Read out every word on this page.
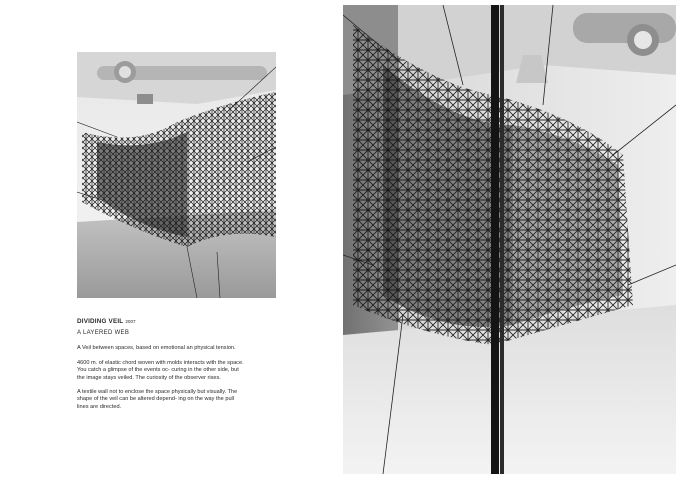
DIVIDING VEIL 2007

A LAYERED WEB

A Veil between spaces, based on emotional an physical tension.

4600 m. of elastic chord woven with molds interacts with the space. You catch a glimpse of the events oc- curing in the other side, but the image stays veiled. The curiosity of the observer rises.

A textile wall not to enclose the space physically but visually. The shape of the veil can be altered depend- ing on the way the pull lines are directed.
